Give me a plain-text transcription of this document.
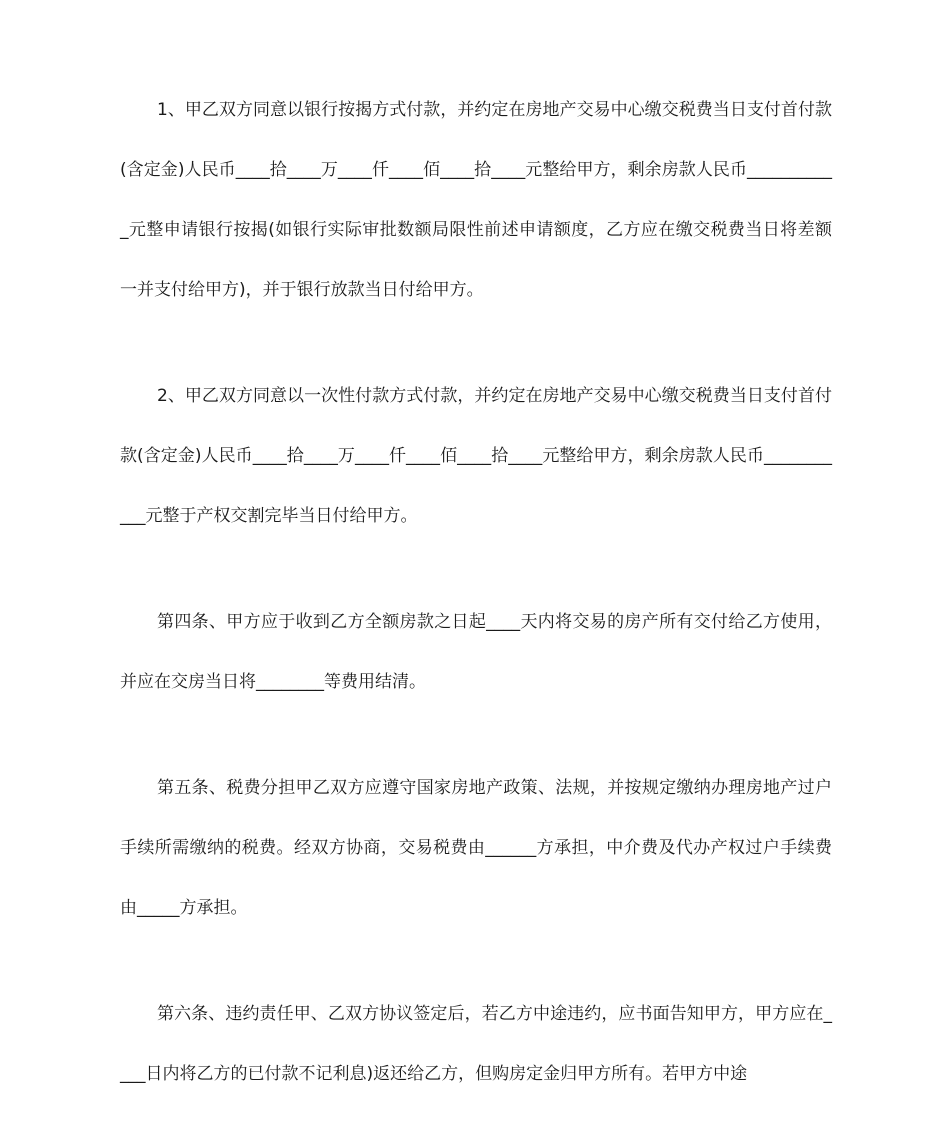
1、甲乙双方同意以银行按揭方式付款，并约定在房地产交易中心缴交税费当日支付首付款(含定金)人民币____拾____万____仟____佰____拾____元整给甲方，剩余房款人民币___________元整申请银行按揭(如银行实际审批数额局限性前述申请额度，乙方应在缴交税费当日将差额一并支付给甲方)，并于银行放款当日付给甲方。

2、甲乙双方同意以一次性付款方式付款，并约定在房地产交易中心缴交税费当日支付首付款(含定金)人民币____拾____万____仟____佰____拾____元整给甲方，剩余房款人民币___________元整于产权交割完毕当日付给甲方。

第四条、甲方应于收到乙方全额房款之日起____天内将交易的房产所有交付给乙方使用，并应在交房当日将________等费用结清。

第五条、税费分担甲乙双方应遵守国家房地产政策、法规，并按规定缴纳办理房地产过户手续所需缴纳的税费。经双方协商，交易税费由______方承担，中介费及代办产权过户手续费由_____方承担。

第六条、违约责任甲、乙双方协议签定后，若乙方中途违约，应书面告知甲方，甲方应在____日内将乙方的已付款不记利息)返还给乙方，但购房定金归甲方所有。若甲方中途
